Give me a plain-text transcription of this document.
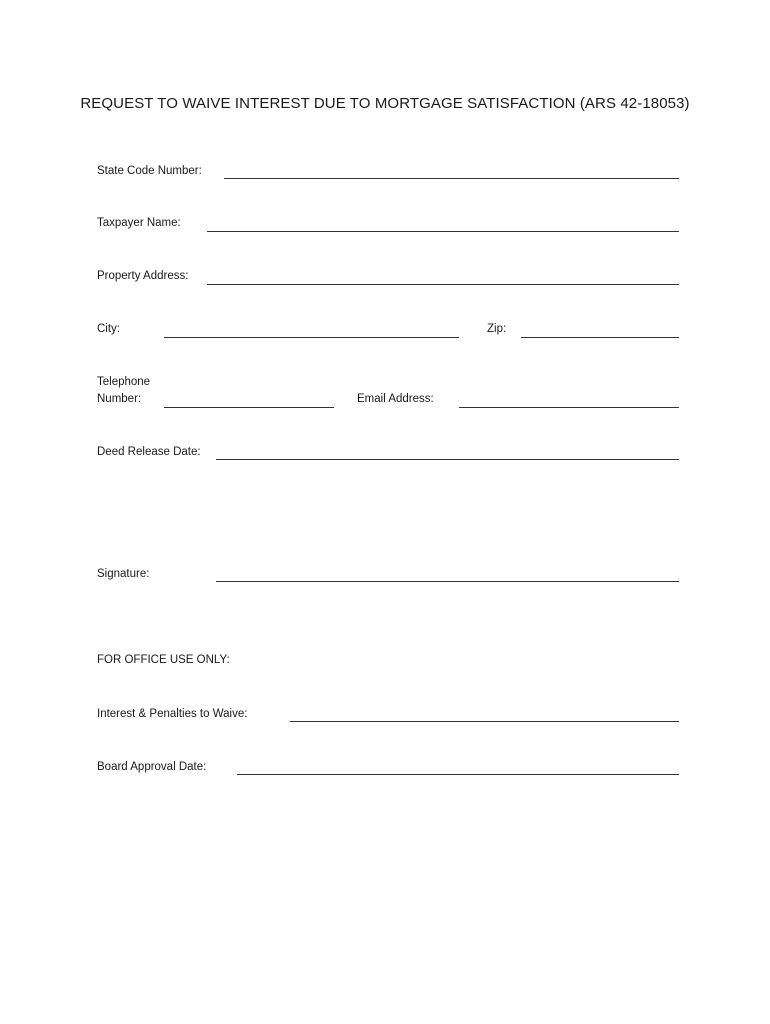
REQUEST TO WAIVE INTEREST DUE TO MORTGAGE SATISFACTION (ARS 42-18053)
State Code Number:
Taxpayer Name:
Property Address:
City:	Zip:
Telephone
Number:	Email Address:
Deed Release Date:
Signature:
FOR OFFICE USE ONLY:
Interest & Penalties to Waive:
Board Approval Date:
